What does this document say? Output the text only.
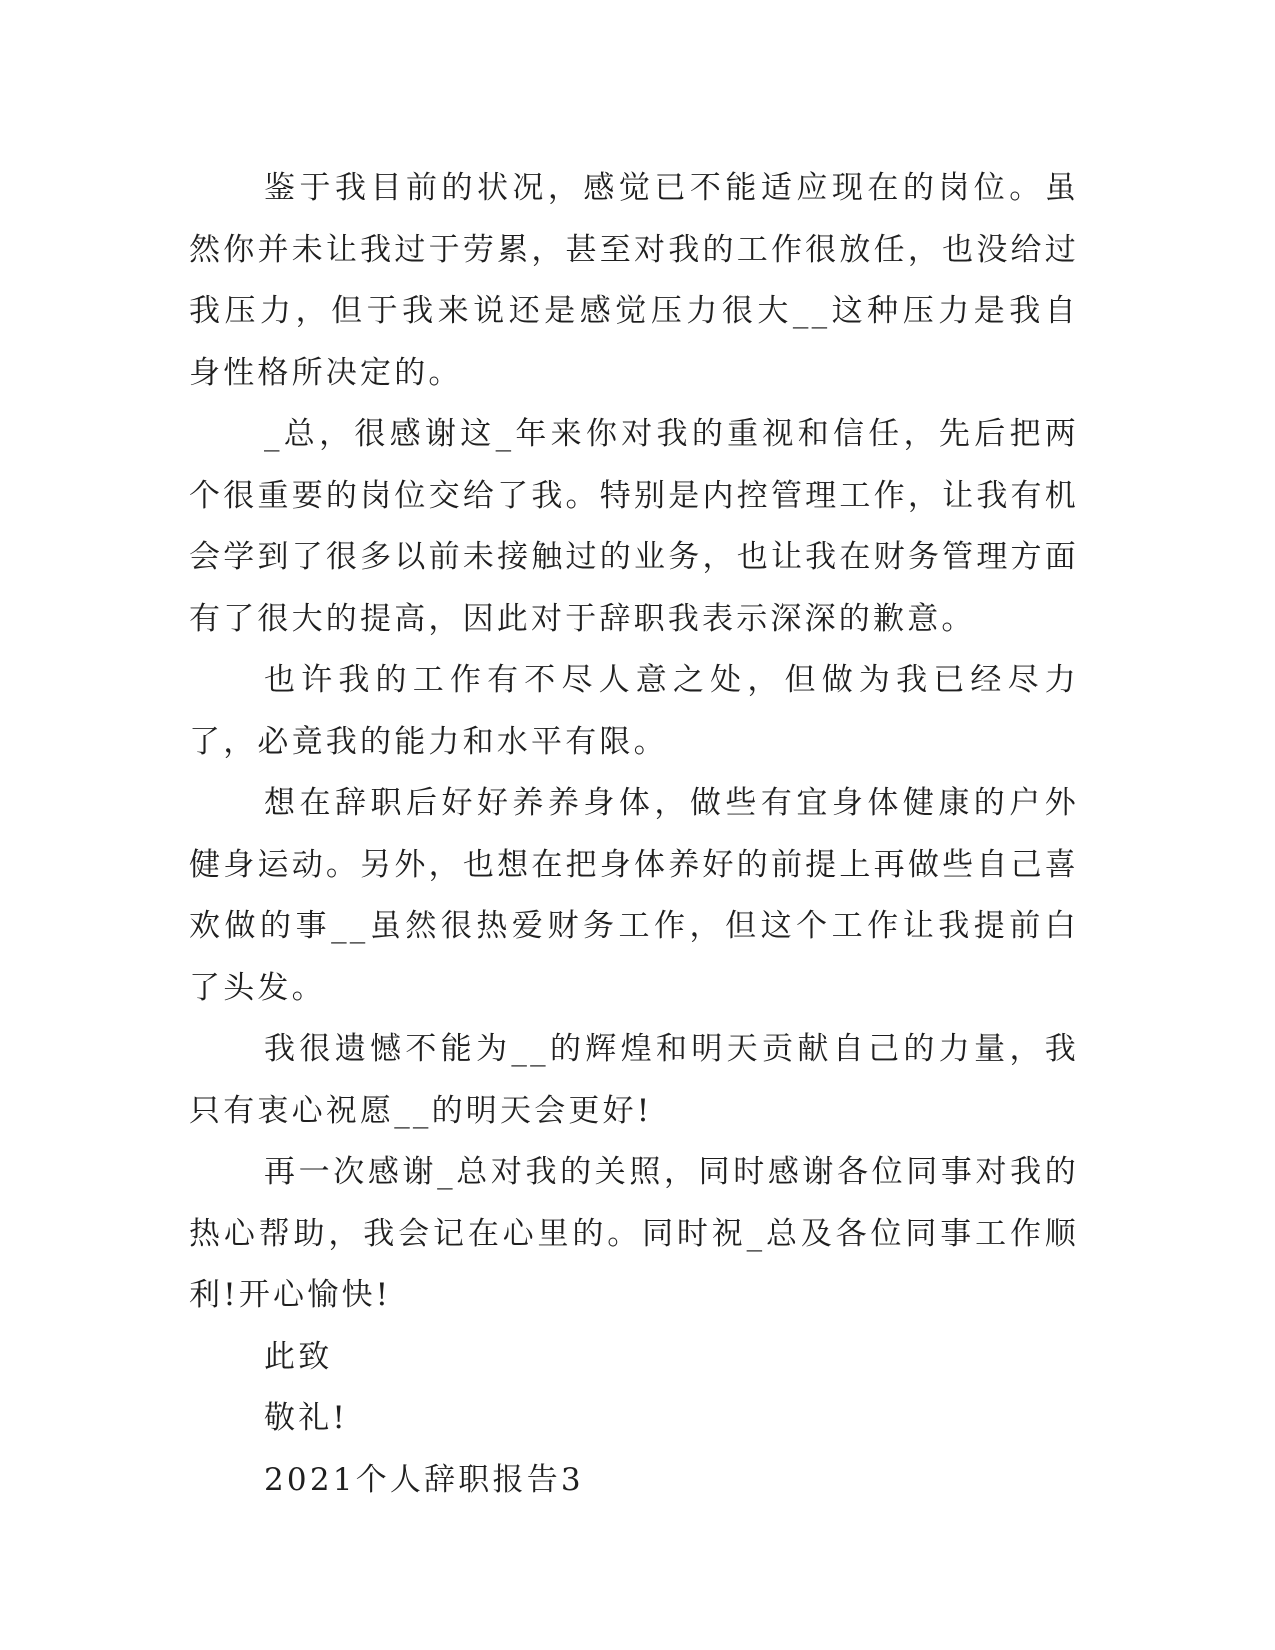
鉴于我目前的状况，感觉已不能适应现在的岗位。虽然你并未让我过于劳累，甚至对我的工作很放任，也没给过我压力，但于我来说还是感觉压力很大__这种压力是我自身性格所决定的。

_总，很感谢这_年来你对我的重视和信任，先后把两个很重要的岗位交给了我。特别是内控管理工作，让我有机会学到了很多以前未接触过的业务，也让我在财务管理方面有了很大的提高，因此对于辞职我表示深深的歉意。

也许我的工作有不尽人意之处，但做为我已经尽力了，必竟我的能力和水平有限。

想在辞职后好好养养身体，做些有宜身体健康的户外健身运动。另外，也想在把身体养好的前提上再做些自己喜欢做的事__虽然很热爱财务工作，但这个工作让我提前白了头发。

我很遗憾不能为__的辉煌和明天贡献自己的力量，我只有衷心祝愿__的明天会更好!

再一次感谢_总对我的关照，同时感谢各位同事对我的热心帮助，我会记在心里的。同时祝_总及各位同事工作顺利!开心愉快!

此致

敬礼!

2021个人辞职报告3
